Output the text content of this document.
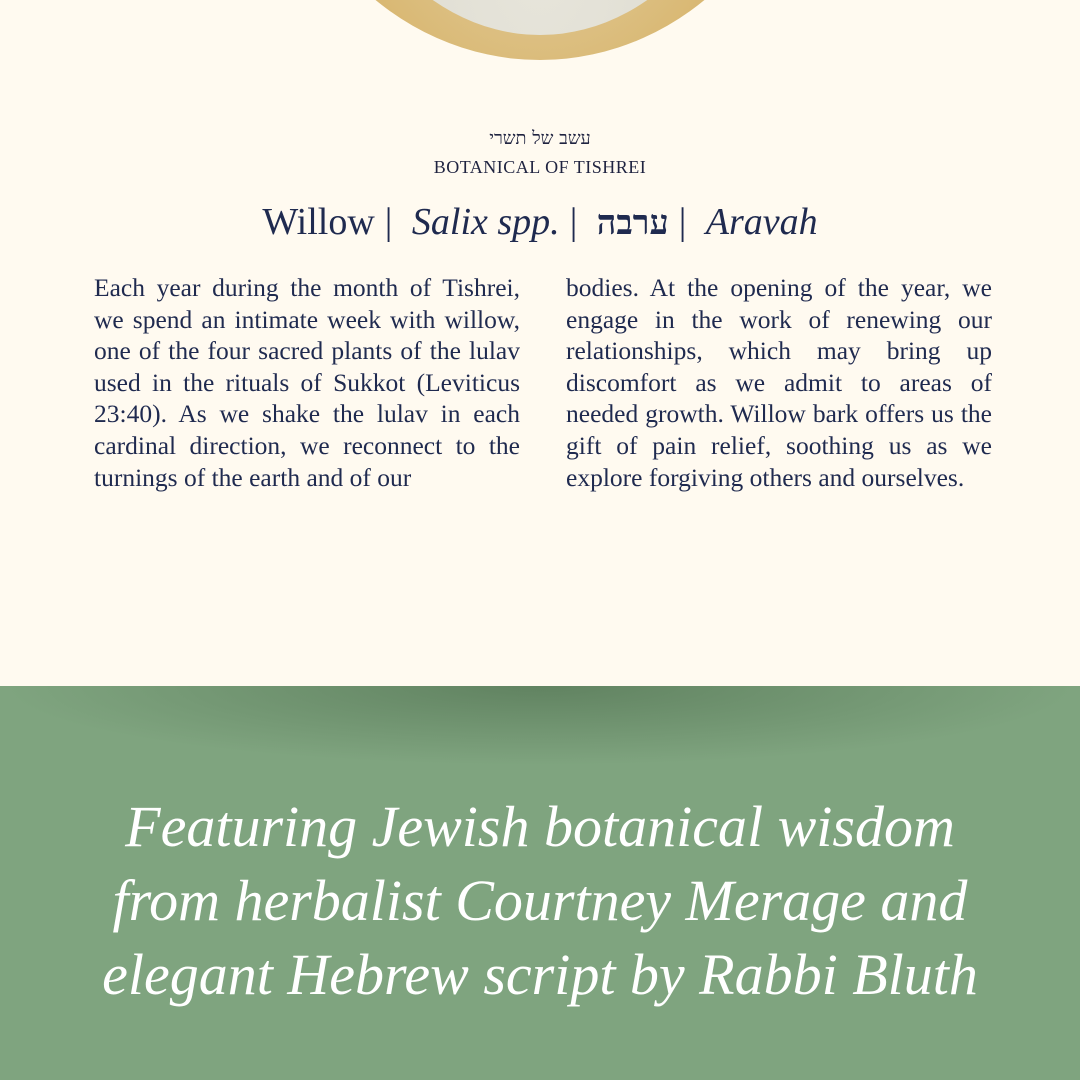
עשב של תשרי
BOTANICAL OF TISHREI
Willow | Salix spp. | ערבה | Aravah
Each year during the month of Tishrei, we spend an intimate week with willow, one of the four sacred plants of the lulav used in the rituals of Sukkot (Leviticus 23:40). As we shake the lulav in each cardinal direction, we reconnect to the turnings of the earth and of our
bodies. At the opening of the year, we engage in the work of renewing our relationships, which may bring up discomfort as we admit to areas of needed growth. Willow bark offers us the gift of pain relief, soothing us as we explore forgiving others and ourselves.
Featuring Jewish botanical wisdom
from herbalist Courtney Merage and
elegant Hebrew script by Rabbi Bluth
